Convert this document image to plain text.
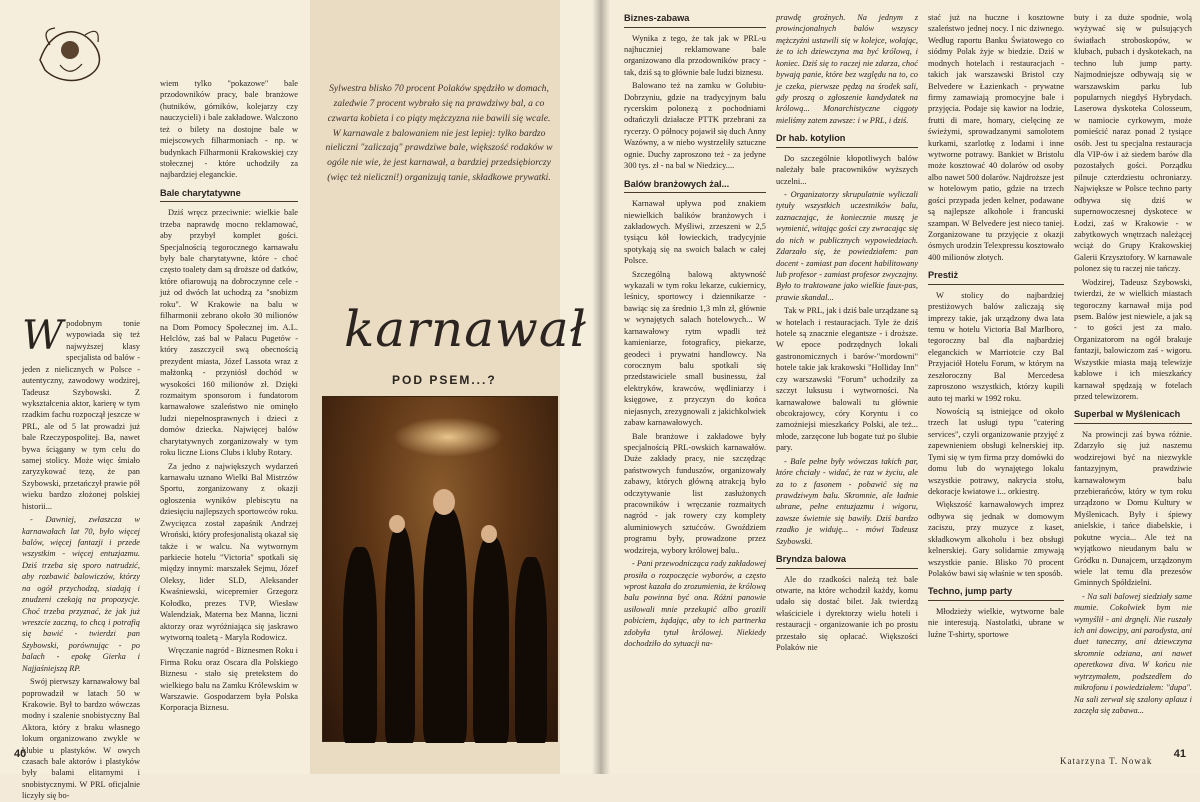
Wpodobnym tonie wypowiada się też najwyższej klasy specjalista od balów - jeden z nielicznych w Polsce - autentyczny, zawodowy wodzirej, Tadeusz Szybowski. Z wykształcenia aktor, karierę w tym rzadkim fachu rozpoczął jeszcze w PRL, ale od 5 lat prowadzi już bale Rzeczypospolitej. Ba, nawet bywa ściągany w tym celu do samej stolicy. Może więc śmiało zaryzykować tezę, że pan Szybowski, przetańczył prawie pół wieku bardzo złożonej polskiej historii...

- Dawniej, zwłaszcza w karnawałach lat 70, było więcej balów, więcej fantazji i przede wszystkim - więcej entuzjazmu. Dziś trzeba się sporo natrudzić, aby rozbawić balowiczów, którzy na ogół przychodzą, siadają i znudzeni czekają na propozycje. Choć trzeba przyznać, że jak już wreszcie zaczną, to chcą i potrafią się bawić - twierdzi pan Szybowski, porównując - po balach - epokę Gierka i Najjaśniejszą RP.

Swój pierwszy karnawałowy bal poprowadził w latach 50 w Krakowie. Był to bardzo wówczas modny i szalenie snobistyczny Bal Aktora, który z braku własnego lokum organizowano zwykle w klubie u plastyków. W owych czasach bale aktorów i plastyków były balami elitarnymi i snobistycznymi. W PRL oficjalnie liczyły się bo-

wiem tylko "pokazowe" bale przodowników pracy, bale branżowe (hutników, górników, kolejarzy czy nauczycieli) i bale zakładowe. Walczono też o bilety na dostojne bale w miejscowych filharmoniach - np. w budynkach Filharmonii Krakowskiej czy stołecznej - które uchodziły za najbardziej eleganckie.

Bale charytatywne

Dziś wręcz przeciwnie: wielkie bale trzeba naprawdę mocno reklamować, aby przybył komplet gości. Specjalnością tegorocznego karnawału były bale charytatywne, które - choć często toalety dam są droższe od datków, które ofiarowują na dobroczynne cele - już od dwóch lat uchodzą za "snobizm roku". W Krakowie na balu w filharmonii zebrano około 30 milionów na Dom Pomocy Społecznej im. A.L. Helclów, zaś bal w Pałacu Pugetów - który zaszczycił swą obecnością prezydent miasta, Józef Lassota wraz z małżonką - przyniósł dochód w wysokości 160 milionów zł. Dzięki rozmaitym sponsorom i fundatorom karnawałowe szaleństwo nie ominęło ludzi niepełnosprawnych i dzieci z domów dziecka. Najwięcej balów charytatywnych zorganizowały w tym roku liczne Lions Clubs i kluby Rotary.

Za jedno z największych wydarzeń karnawału uznano Wielki Bal Mistrzów Sportu, zorganizowany z okazji ogłoszenia wyników plebiscytu na dziesięciu najlepszych sportowców roku. Zwycięzca został zapaśnik Andrzej Wroński, który profesjonalistą okazał się także i w walcu. Na wytwornym parkiecie hotelu "Victoria" spotkali się między innymi: marszałek Sejmu, Józef Oleksy, lider SLD, Aleksander Kwaśniewski, wicepremier Grzegorz Kołodko, prezes TVP, Wiesław Walendziak, Materna bez Manna, liczni aktorzy oraz wyróżniająca się jaskrawo wytworną toaletą - Maryla Rodowicz.

Wręczanie nagród - Biznesmen Roku i Firma Roku oraz Oscara dla Polskiego Biznesu - stało się pretekstem do wielkiego balu na Zamku Królewskim w Warszawie. Gospodarzem była Polska Korporacja Biznesu.

Sylwestra blisko 70 procent Polaków spędziło w domach, zaledwie 7 procent wybrało się na prawdziwy bal, a co czwarta kobieta i co piąty mężczyzna nie bawili się wcale. W karnawale z balowaniem nie jest lepiej: tylko bardzo nieliczni "zaliczają" prawdziwe bale, większość rodaków w ogóle nie wie, że jest karnawał, a bardziej przedsiębiorczy (więc też nieliczni!) organizują tanie, składkowe prywatki.
karnawał
POD PSEM...?
40
Biznes-zabawa

Wynika z tego, że tak jak w PRL-u najhuczniej reklamowane bale organizowano dla przodowników pracy - tak, dziś są to głównie bale ludzi biznesu.

Balowano też na zamku w Golubiu-Dobrzyniu, gdzie na tradycyjnym balu rycerskim polonezą z pochodniami odtańczyli działacze PTTK przebrani za rycerzy. O północy pojawił się duch Anny Wazówny, a w niebo wystrzeliły sztuczne ognie. Duchy zaproszono też - za jedyne 300 tys. zł - na bal w Niedzicy....

Balów branżowych żal...

Karnawał upływa pod znakiem niewielkich balików branżowych i zakładowych. Myśliwi, zrzeszeni w 2,5 tysiącu kół łowieckich, tradycyjnie spotykają się na swoich balach w całej Polsce.

Szczególną balową aktywność wykazali w tym roku lekarze, cukiernicy, leśnicy, sportowcy i dziennikarze - bawiąc się za średnio 1,3 mln zł, głównie w wynajętych salach hotelowych... W karnawałowy rytm wpadli też kamieniarze, fotograficy, piekarze, geodeci i prywatni handlowcy. Na corocznym balu spotkali się przedstawiciele small businessu, żal elektryków, krawców, wędliniarzy i księgowe, z przyczyn do końca niejasnych, zrezygnowali z jakichkolwiek zabaw karnawałowych.

Bale branżowe i zakładowe były specjalnością PRL-owskich karnawałów. Duże zakłady pracy, nie szczędząc państwowych funduszów, organizowały zabawy, których główną atrakcją było odczytywanie list zasłużonych pracowników i wręczanie rozmaitych nagród - jak rowery czy komplety aluminiowych sztućców. Gwoździem programu były, prowadzone przez wodzireja, wybory królowej balu..

- Pani przewodnicząca rady zakładowej prosiła o rozpoczęcie wyborów, a często wprost kazała do zrozumienia, że królową balu powinna być ona. Różni panowie usiłowali mnie przekupić albo grozili pobiciem, żądając, aby to ich partnerka zdobyła tytuł królowej. Niekiedy dochodziło do sytuacji na-

prawdę groźnych. Na jednym z prowincjonalnych balów wszyscy mężczyźni ustawili się w kolejce, wołając, że to ich dziewczyna ma być królową, i koniec. Dziś się to raczej nie zdarza, choć bywają panie, które bez względu na to, co je czeka, pierwsze pędzą na środek sali, gdy proszą o zgłoszenie kandydatek na królową... Monarchistyczne ciągoty mieliśmy zatem zawsze: i w PRL, i dziś.

Dr hab. kotylion

Do szczególnie kłopotliwych balów należały bale pracowników wyższych uczelni...

- Organizatorzy skrupulatnie wyliczali tytuły wszystkich uczestników balu, zaznaczając, że koniecznie muszę je wymienić, witając gości czy zwracając się do nich w publicznych wypowiedziach. Zdarzało się, że powiedziałem: pan docent - zamiast pan docent habilitowany lub profesor - zamiast profesor zwyczajny. Było to traktowane jako wielkie faux-pas, prawie skandal...

Tak w PRL, jak i dziś bale urządzane są w hotelach i restauracjach. Tyle że dziś hotele są znacznie elegantsze - i droższe. W epoce podrzędnych lokali gastronomicznych i barów-"mordowni" hotele takie jak krakowski "Holliday Inn" czy warszawski "Forum" uchodziły za szczyt luksusu i wytworności. Na karnawałowe balowali tu głównie obcokrajowcy, córy Koryntu i co zamożniejsi mieszkańcy Polski, ale też... młode, zarzęcone lub bogate tuż po ślubie pary.

- Bale pełne były wówczas takich par, które chciały - widać, że raz w życiu, ale za to z fasonem - pobawić się na prawdziwym balu. Skromnie, ale ładnie ubrane, pełne entuzjazmu i wigoru, zawsze świetnie się bawiły. Dziś bardzo rzadko je widuję... - mówi Tadeusz Szybowski.

Bryndza balowa

Ale do rzadkości należą też bale otwarte, na które wchodził każdy, komu udało się dostać bilet. Jak twierdzą właściciele i dyrektorzy wielu hoteli i restauracji - organizowanie ich po prostu przestało się opłacać. Większości Polaków nie

stać już na huczne i kosztowne szaleństwo jednej nocy. I nic dziwnego. Według raportu Banku Światowego co siódmy Polak żyje w biedzie. Dziś w modnych hotelach i restauracjach - takich jak warszawski Bristol czy Belvedere w Łazienkach - prywatne firmy zamawiają promocyjne bale i przyjęcia. Podaje się kawior na lodzie, frutti di mare, homary, cielęcinę ze świeżymi, sprowadzanymi samolotem kurkami, szarlotkę z lodami i inne wytworne potrawy. Bankiet w Bristolu może kosztować 40 dolarów od osoby albo nawet 500 dolarów. Najdroższe jest w hotelowym patio, gdzie na trzech gości przypada jeden kelner, podawane są najlepsze alkohole i francuski szampan. W Belvedere jest nieco taniej. Zorganizowane tu przyjęcie z okazji ósmych urodzin Telexpressu kosztowało 400 milionów złotych.

Prestiż

W stolicy do najbardziej prestiżowych balów zaliczają się imprezy takie, jak urządzony dwa lata temu w hotelu Victoria Bal Marlboro, tegoroczny bal dla najbardziej eleganckich w Marriotcie czy Bal Przyjaciół Hotelu Forum, w którym na zeszłoroczny Bal Mercedesa zaproszono wszystkich, którzy kupili auto tej marki w 1992 roku.

Nowością są istniejące od około trzech lat usługi typu "catering services", czyli organizowanie przyjęć z zapewnieniem obsługi kelnerskiej itp. Tymi się w tym firma przy domówki do domu lub do wynajętego lokalu wszystkie potrawy, nakrycia stołu, dekoracje kwiatowe i... orkiestrę.

Większość karnawałowych imprez odbywa się jednak w domowym zaciszu, przy muzyce z kaset, składkowym alkoholu i bez obsługi kelnerskiej. Gary solidarnie zmywają wszystkie panie. Blisko 70 procent Polaków bawi się właśnie w ten sposób.

Techno, jump party

Młodzieży wielkie, wytworne bale nie interesują. Nastolatki, ubrane w luźne T-shirty, sportowe

buty i za duże spodnie, wolą wyżywać się w pulsujących światłach stroboskopów, w klubach, pubach i dyskotekach, na techno lub jump party. Najmodniejsze odbywają się w warszawskim parku lub popularnych niegdyś Hybrydach. Laserowa dyskoteka Colosseum, w namiocie cyrkowym, może pomieścić naraz ponad 2 tysiące osób. Jest tu specjalna restauracja dla VIP-ów i aż siedem barów dla pozostałych gości. Porządku pilnuje czterdziestu ochroniarzy. Największe w Polsce techno party odbywa się dziś w supernowoczesnej dyskotece w Łodzi, zaś w Krakowie - w zabytkowych wnętrzach należącej wciąż do Grupy Krakowskiej Galerii Krzysztofory. W karnawale polonez się tu raczej nie tańczy.

Wodzirej, Tadeusz Szybowski, twierdzi, że w wielkich miastach tegoroczny karnawał mija pod psem. Balów jest niewiele, a jak są - to gości jest za mało. Organizatorom na ogół brakuje fantazji, balowiczom zaś - wigoru. Wszystkie miasta mają telewizje kablowe i ich mieszkańcy karnawał spędzają w fotelach przed telewizorem.

Superbal w Myślenicach

Na prowincji zaś bywa różnie. Zdarzyło się już naszemu wodzirejowi być na niezwykle fantazyjnym, prawdziwie karnawałowym balu przebierańców, który w tym roku urządzono w Domu Kultury w Myślenicach. Były i śpiewy anielskie, i tańce diabelskie, i pokutne wycia... Ale też na wyjątkowo nieudanym balu w Gródku n. Dunajcem, urządzonym wiele lat temu dla prezesów Gminnych Spółdzielni.

- Na sali balowej siedziały same mumie. Cokolwiek bym nie wymyślił - ani drgnęli. Nie ruszały ich ani dowcipy, ani parodysta, ani duet taneczny, ani dziewczyna skromnie odziana, ani nawet operetkowa diva. W końcu nie wytrzymałem, podszedłem do mikrofonu i powiedziałem: "dupa". Na sali zerwał się szalony aplauz i zaczęła się zabawa...

41
Katarzyna T. Nowak
